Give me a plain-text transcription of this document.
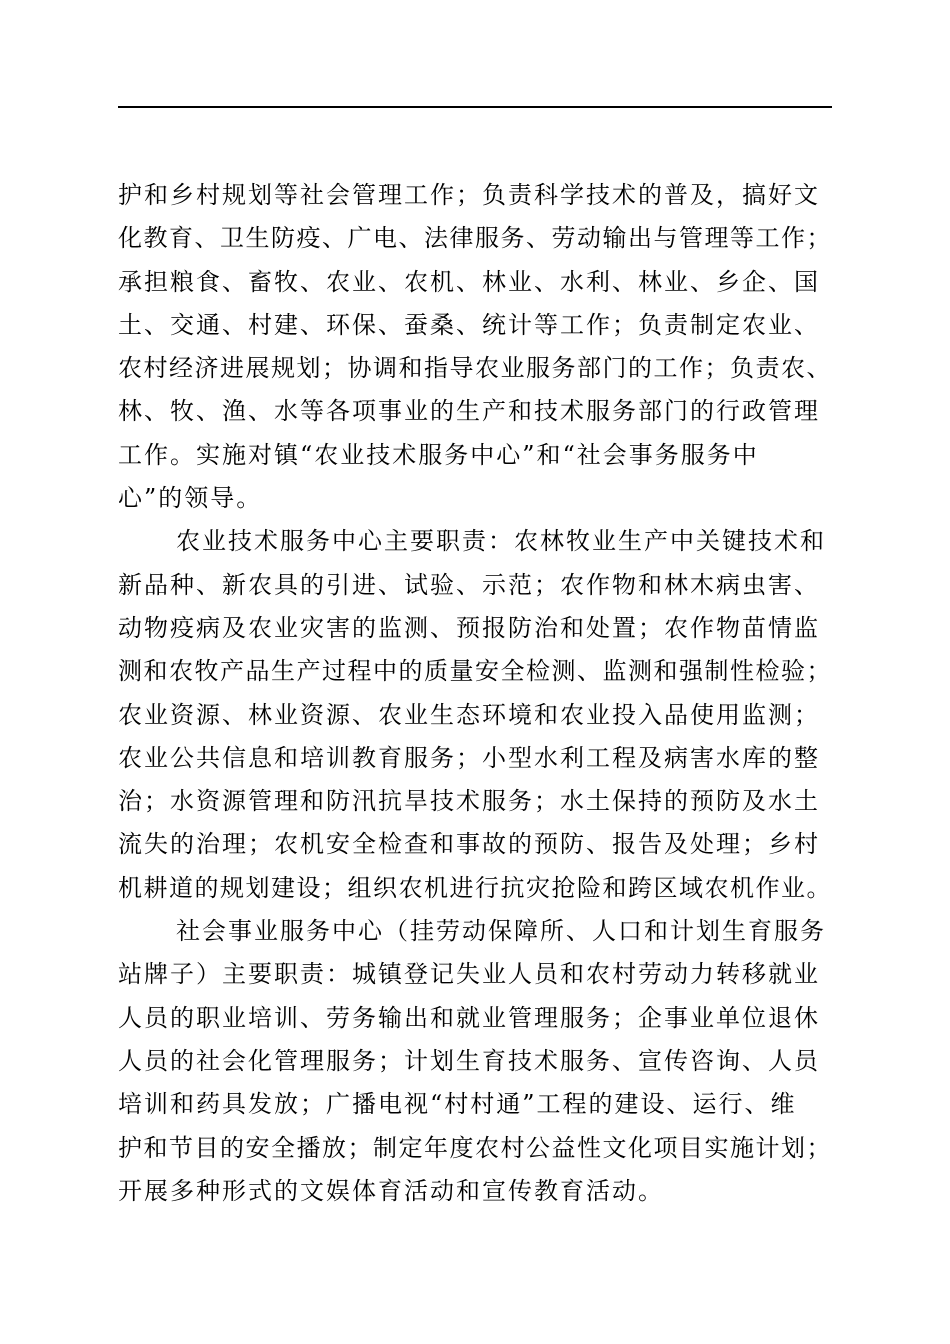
护和乡村规划等社会管理工作；负责科学技术的普及，搞好文
化教育、卫生防疫、广电、法律服务、劳动输出与管理等工作；
承担粮食、畜牧、农业、农机、林业、水利、林业、乡企、国
土、交通、村建、环保、蚕桑、统计等工作；负责制定农业、
农村经济进展规划；协调和指导农业服务部门的工作；负责农、
林、牧、渔、水等各项事业的生产和技术服务部门的行政管理
工作。实施对镇“农业技术服务中心”和“社会事务服务中
心”的领导。
农业技术服务中心主要职责：农林牧业生产中关键技术和
新品种、新农具的引进、试验、示范；农作物和林木病虫害、
动物疫病及农业灾害的监测、预报防治和处置；农作物苗情监
测和农牧产品生产过程中的质量安全检测、监测和强制性检验；
农业资源、林业资源、农业生态环境和农业投入品使用监测；
农业公共信息和培训教育服务；小型水利工程及病害水库的整
治；水资源管理和防汛抗旱技术服务；水土保持的预防及水土
流失的治理；农机安全检查和事故的预防、报告及处理；乡村
机耕道的规划建设；组织农机进行抗灾抢险和跨区域农机作业。
社会事业服务中心（挂劳动保障所、人口和计划生育服务
站牌子）主要职责：城镇登记失业人员和农村劳动力转移就业
人员的职业培训、劳务输出和就业管理服务；企事业单位退休
人员的社会化管理服务；计划生育技术服务、宣传咨询、人员
培训和药具发放；广播电视“村村通”工程的建设、运行、维
护和节目的安全播放；制定年度农村公益性文化项目实施计划；
开展多种形式的文娱体育活动和宣传教育活动。
